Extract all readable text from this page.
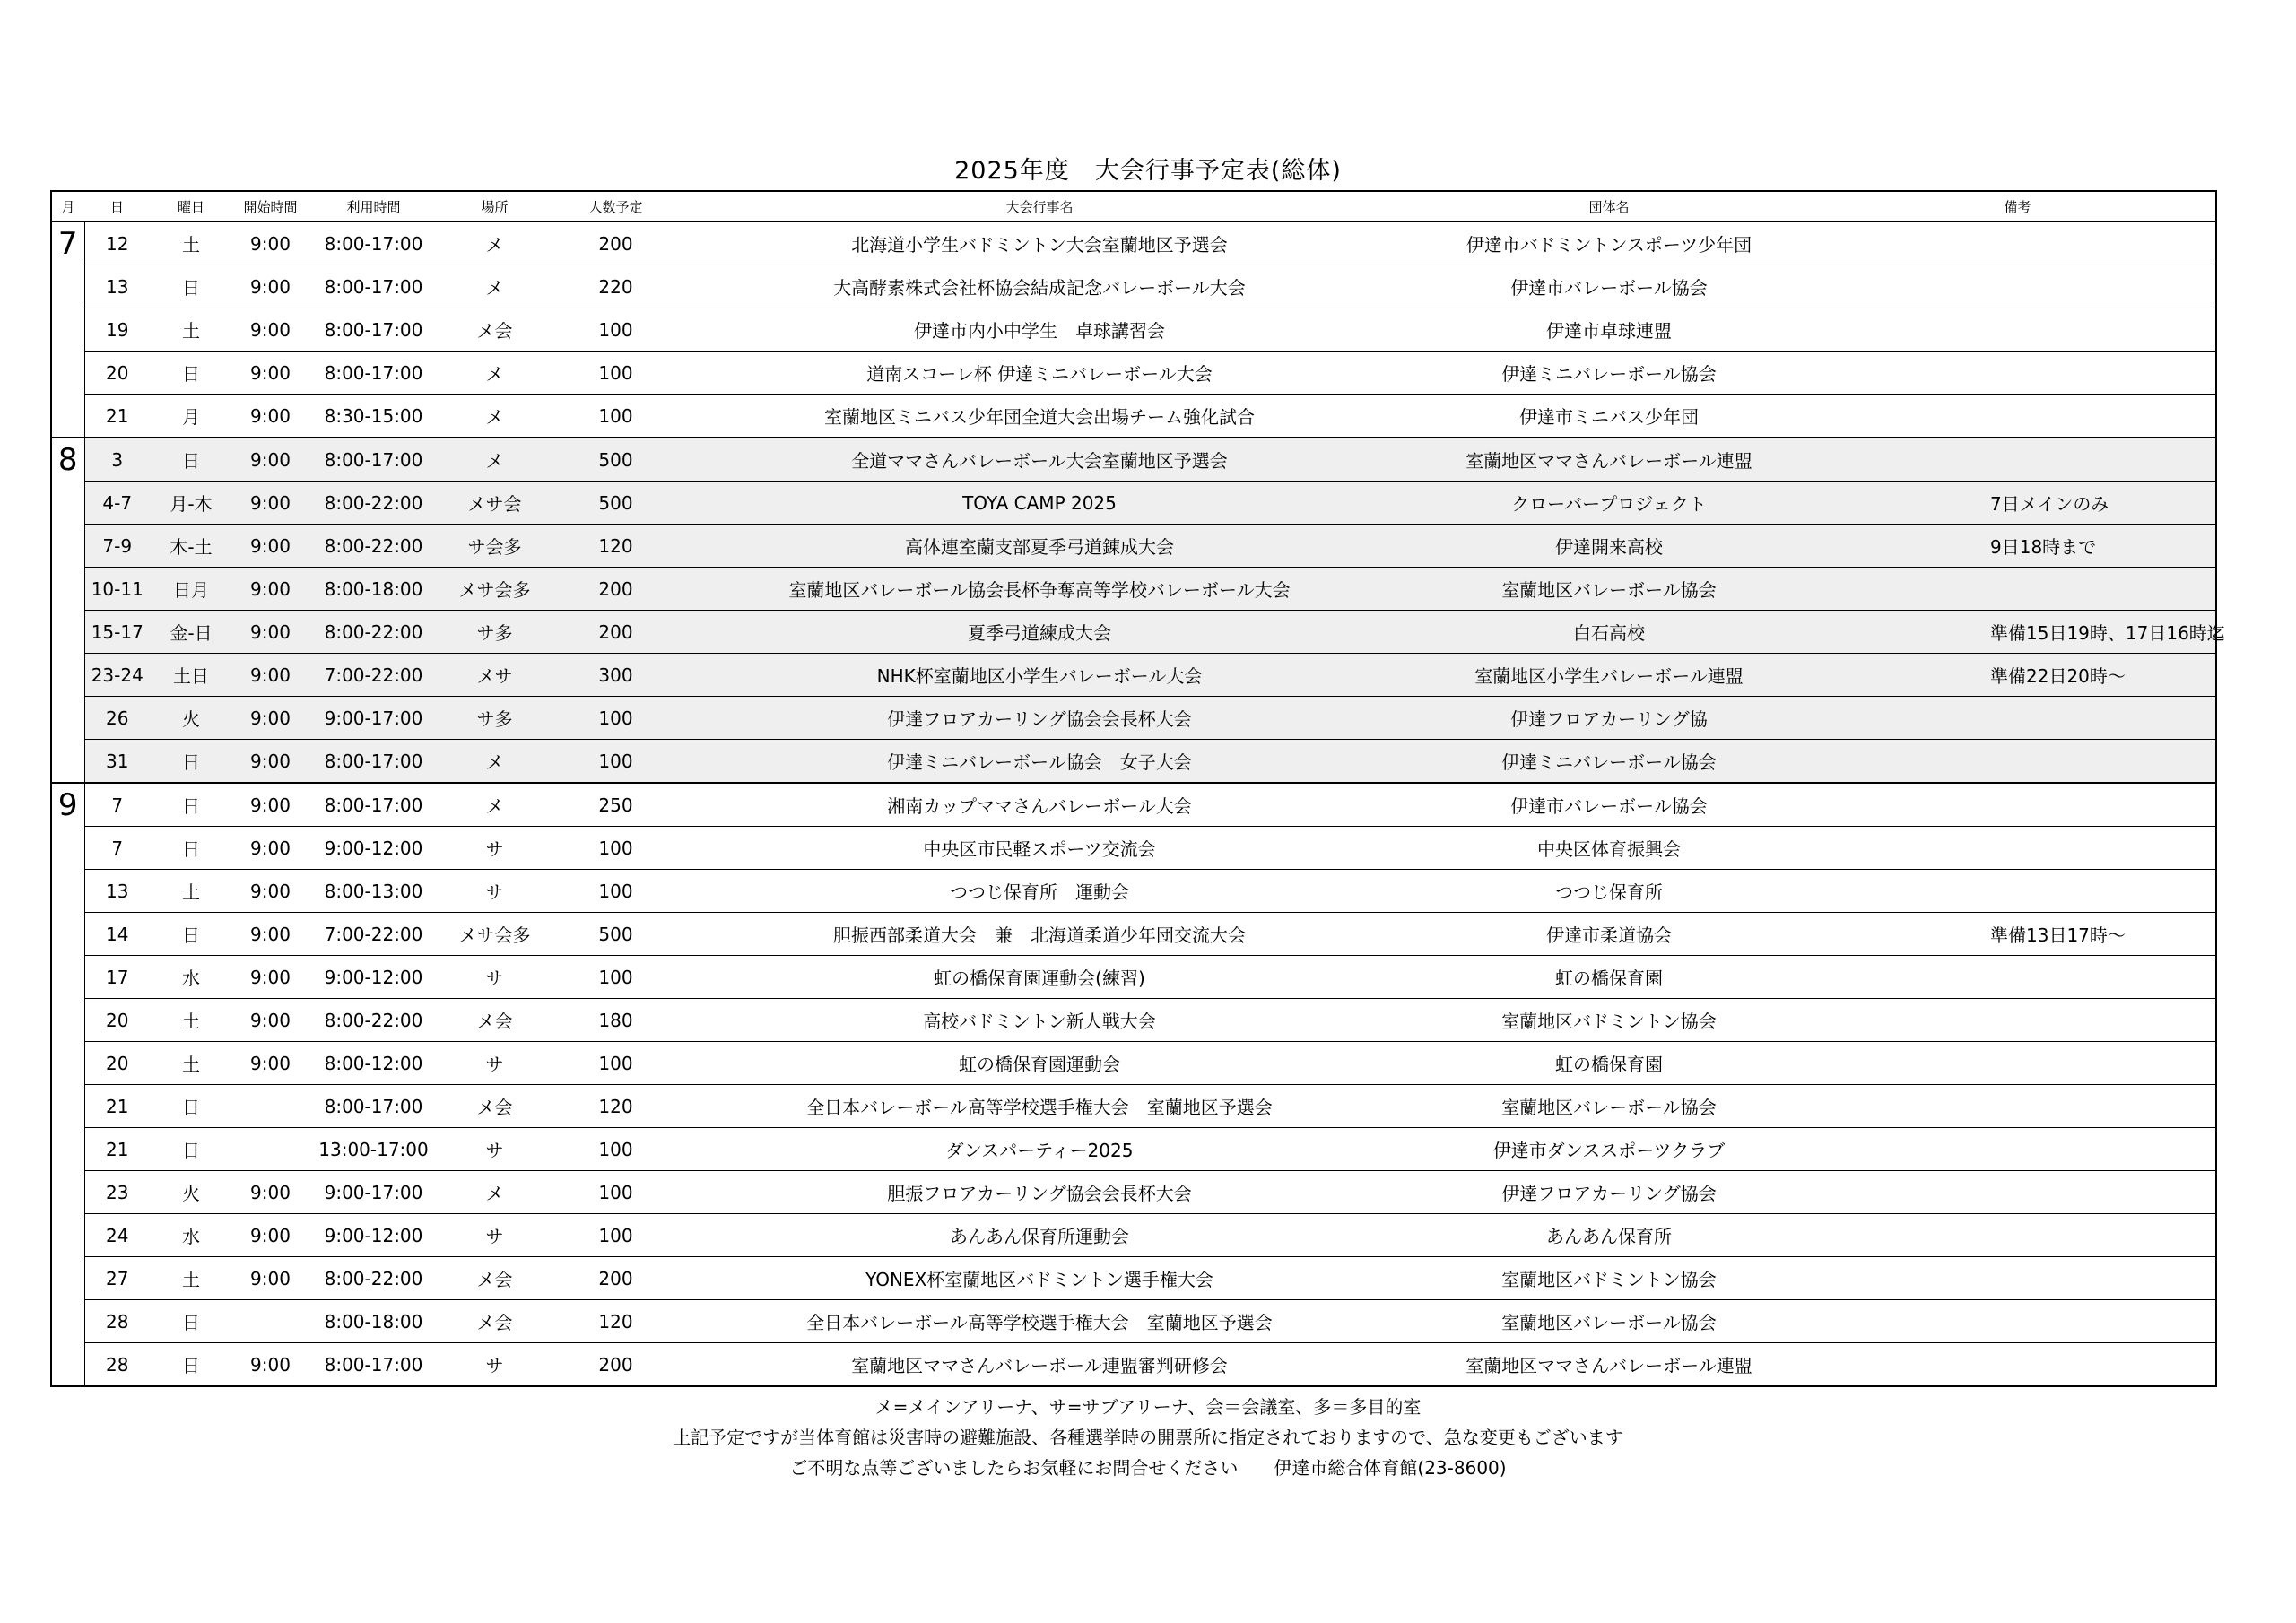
2025年度　大会行事予定表(総体)
月	日	曜日	開始時間	利用時間	場所	人数予定	大会行事名	団体名	備考
7	12	土	9:00	8:00-17:00	メ	200	北海道小学生バドミントン大会室蘭地区予選会	伊達市バドミントンスポーツ少年団	
	13	日	9:00	8:00-17:00	メ	220	大高酵素株式会社杯協会結成記念バレーボール大会	伊達市バレーボール協会	
	19	土	9:00	8:00-17:00	メ会	100	伊達市内小中学生　卓球講習会	伊達市卓球連盟	
	20	日	9:00	8:00-17:00	メ	100	道南スコーレ杯 伊達ミニバレーボール大会	伊達ミニバレーボール協会	
	21	月	9:00	8:30-15:00	メ	100	室蘭地区ミニバス少年団全道大会出場チーム強化試合	伊達市ミニバス少年団	
8	3	日	9:00	8:00-17:00	メ	500	全道ママさんバレーボール大会室蘭地区予選会	室蘭地区ママさんバレーボール連盟	
	4-7	月-木	9:00	8:00-22:00	メサ会	500	TOYA CAMP 2025	クローバープロジェクト	7日メインのみ
	7-9	木-土	9:00	8:00-22:00	サ会多	120	高体連室蘭支部夏季弓道錬成大会	伊達開来高校	9日18時まで
	10-11	日月	9:00	8:00-18:00	メサ会多	200	室蘭地区バレーボール協会長杯争奪高等学校バレーボール大会	室蘭地区バレーボール協会	
	15-17	金-日	9:00	8:00-22:00	サ多	200	夏季弓道練成大会	白石高校	準備15日19時、17日16時迄
	23-24	土日	9:00	7:00-22:00	メサ	300	NHK杯室蘭地区小学生バレーボール大会	室蘭地区小学生バレーボール連盟	準備22日20時～
	26	火	9:00	9:00-17:00	サ多	100	伊達フロアカーリング協会会長杯大会	伊達フロアカーリング協	
	31	日	9:00	8:00-17:00	メ	100	伊達ミニバレーボール協会　女子大会	伊達ミニバレーボール協会	
9	7	日	9:00	8:00-17:00	メ	250	湘南カップママさんバレーボール大会	伊達市バレーボール協会	
	7	日	9:00	9:00-12:00	サ	100	中央区市民軽スポーツ交流会	中央区体育振興会	
	13	土	9:00	8:00-13:00	サ	100	つつじ保育所　運動会	つつじ保育所	
	14	日	9:00	7:00-22:00	メサ会多	500	胆振西部柔道大会　兼　北海道柔道少年団交流大会	伊達市柔道協会	準備13日17時～
	17	水	9:00	9:00-12:00	サ	100	虹の橋保育園運動会(練習)	虹の橋保育園	
	20	土	9:00	8:00-22:00	メ会	180	高校バドミントン新人戦大会	室蘭地区バドミントン協会	
	20	土	9:00	8:00-12:00	サ	100	虹の橋保育園運動会	虹の橋保育園	
	21	日		8:00-17:00	メ会	120	全日本バレーボール高等学校選手権大会　室蘭地区予選会	室蘭地区バレーボール協会	
	21	日		13:00-17:00	サ	100	ダンスパーティー2025	伊達市ダンススポーツクラブ	
	23	火	9:00	9:00-17:00	メ	100	胆振フロアカーリング協会会長杯大会	伊達フロアカーリング協会	
	24	水	9:00	9:00-12:00	サ	100	あんあん保育所運動会	あんあん保育所	
	27	土	9:00	8:00-22:00	メ会	200	YONEX杯室蘭地区バドミントン選手権大会	室蘭地区バドミントン協会	
	28	日		8:00-18:00	メ会	120	全日本バレーボール高等学校選手権大会　室蘭地区予選会	室蘭地区バレーボール協会	
	28	日	9:00	8:00-17:00	サ	200	室蘭地区ママさんバレーボール連盟審判研修会	室蘭地区ママさんバレーボール連盟	
メ=メインアリーナ、サ=サブアリーナ、会＝会議室、多＝多目的室
上記予定ですが当体育館は災害時の避難施設、各種選挙時の開票所に指定されておりますので、急な変更もございます
ご不明な点等ございましたらお気軽にお問合せください　　伊達市総合体育館(23-8600)
